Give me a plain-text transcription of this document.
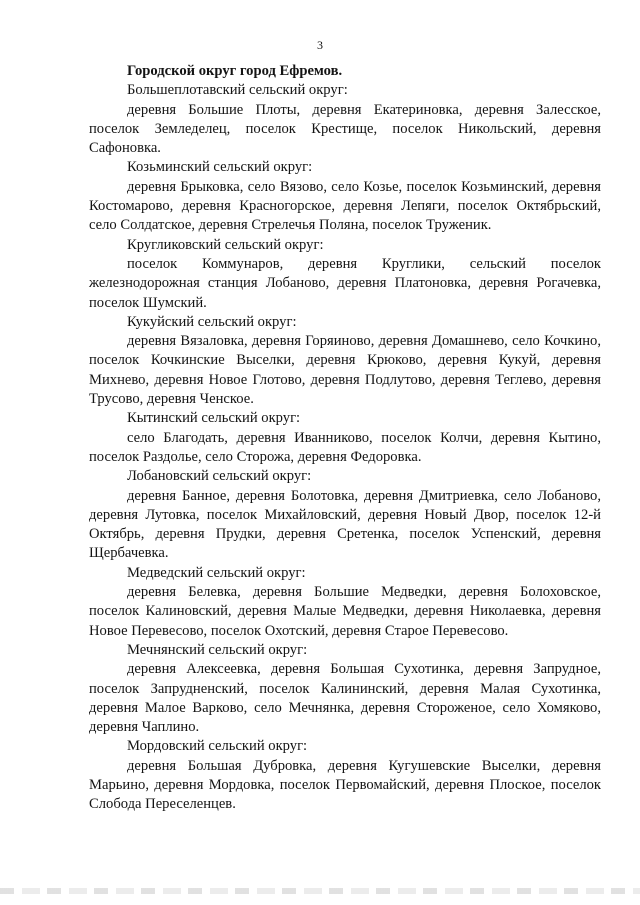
3

Городской округ город Ефремов.

Большеплотавский сельский округ:

деревня Большие Плоты, деревня Екатериновка, деревня Залесское, поселок Земледелец, поселок Крестище, поселок Никольский, деревня Сафоновка.

Козьминский сельский округ:

деревня Брыковка, село Вязово, село Козье, поселок Козьминский, деревня Костомарово, деревня Красногорское, деревня Лепяги, поселок Октябрьский, село Солдатское, деревня Стрелечья Поляна, поселок Труженик.

Кругликовский сельский округ:

поселок Коммунаров, деревня Круглики, сельский поселок железнодорожная станция Лобаново, деревня Платоновка, деревня Рогачевка, поселок Шумский.

Кукуйский сельский округ:

деревня Вязаловка, деревня Горяиново, деревня Домашнево, село Кочкино, поселок Кочкинские Выселки, деревня Крюково, деревня Кукуй, деревня Михнево, деревня Новое Глотово, деревня Подлутово, деревня Теглево, деревня Трусово, деревня Ченское.

Кытинский сельский округ:

село Благодать, деревня Иванниково, поселок Колчи, деревня Кытино, поселок Раздолье, село Сторожа, деревня Федоровка.

Лобановский сельский округ:

деревня Банное, деревня Болотовка, деревня Дмитриевка, село Лобаново, деревня Лутовка, поселок Михайловский, деревня Новый Двор, поселок 12-й Октябрь, деревня Прудки, деревня Сретенка, поселок Успенский, деревня Щербачевка.

Медведский сельский округ:

деревня Белевка, деревня Большие Медведки, деревня Болоховское, поселок Калиновский, деревня Малые Медведки, деревня Николаевка, деревня Новое Перевесово, поселок Охотский, деревня Старое Перевесово.

Мечнянский сельский округ:

деревня Алексеевка, деревня Большая Сухотинка, деревня Запрудное, поселок Запрудненский, поселок Калининский, деревня Малая Сухотинка, деревня Малое Варково, село Мечнянка, деревня Стороженое, село Хомяково, деревня Чаплино.

Мордовский сельский округ:

деревня Большая Дубровка, деревня Кугушевские Выселки, деревня Марьино, деревня Мордовка, поселок Первомайский, деревня Плоское, поселок Слобода Переселенцев.
